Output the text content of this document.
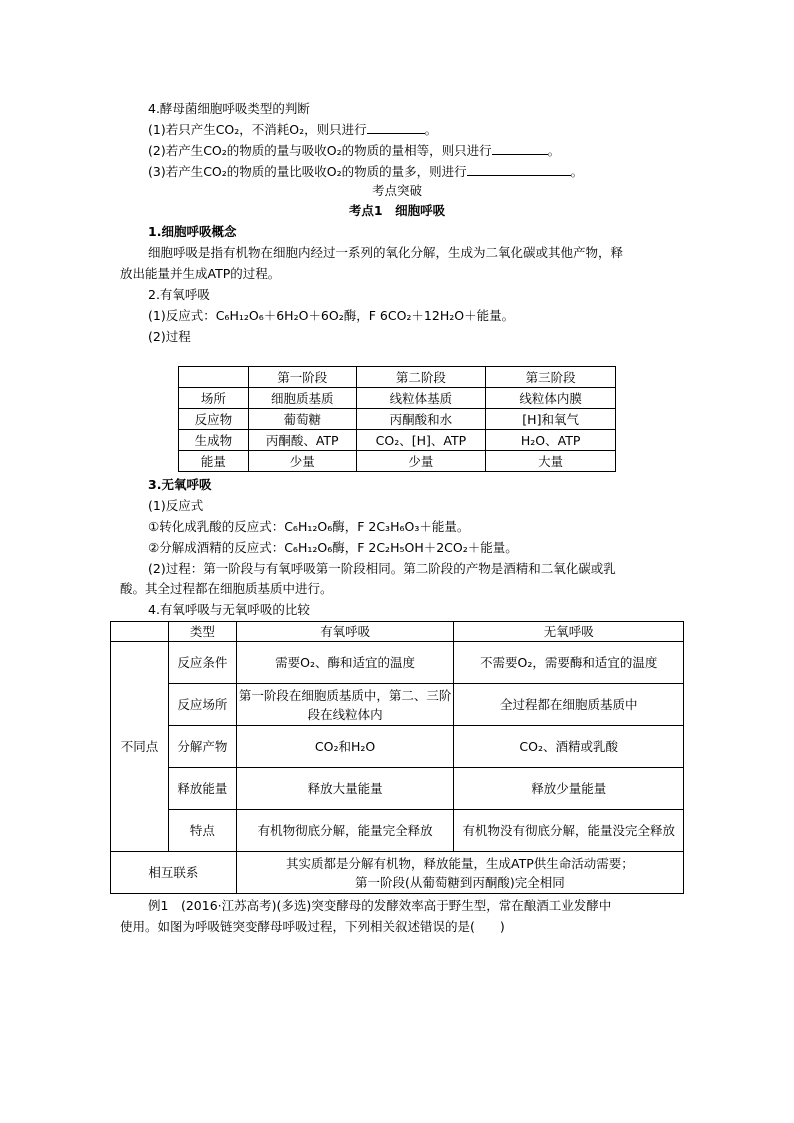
4.酵母菌细胞呼吸类型的判断
(1)若只产生CO₂，不消耗O₂，则只进行	。
(2)若产生CO₂的物质的量与吸收O₂的物质的量相等，则只进行	。
(3)若产生CO₂的物质的量比吸收O₂的物质的量多，则进行	。
考点突破
考点1　细胞呼吸
1.细胞呼吸概念
细胞呼吸是指有机物在细胞内经过一系列的氧化分解，生成为二氧化碳或其他产物，释
放出能量并生成ATP的过程。
2.有氧呼吸
(1)反应式：C₆H₁₂O₆＋6H₂O＋6O₂酶，F 6CO₂＋12H₂O＋能量。
(2)过程
	第一阶段	第二阶段	第三阶段
场所	细胞质基质	线粒体基质	线粒体内膜
反应物	葡萄糖	丙酮酸和水	[H]和氧气
生成物	丙酮酸、ATP	CO₂、[H]、ATP	H₂O、ATP
能量	少量	少量	大量
3.无氧呼吸
(1)反应式
①转化成乳酸的反应式：C₆H₁₂O₆酶，F 2C₃H₆O₃＋能量。
②分解成酒精的反应式：C₆H₁₂O₆酶，F 2C₂H₅OH＋2CO₂＋能量。
(2)过程：第一阶段与有氧呼吸第一阶段相同。第二阶段的产物是酒精和二氧化碳或乳
酸。其全过程都在细胞质基质中进行。
4.有氧呼吸与无氧呼吸的比较
	类型	有氧呼吸	无氧呼吸
不同点	反应条件	需要O₂、酶和适宜的温度	不需要O₂，需要酶和适宜的温度
	反应场所	第一阶段在细胞质基质中，第二、三阶段在线粒体内	全过程都在细胞质基质中
	分解产物	CO₂和H₂O	CO₂、酒精或乳酸
	释放能量	释放大量能量	释放少量能量
	特点	有机物彻底分解，能量完全释放	有机物没有彻底分解，能量没完全释放
相互联系		其实质都是分解有机物，释放能量，生成ATP供生命活动需要；
第一阶段(从葡萄糖到丙酮酸)完全相同	
例1　(2016·江苏高考)(多选)突变酵母的发酵效率高于野生型，常在酿酒工业发酵中
使用。如图为呼吸链突变酵母呼吸过程，下列相关叙述错误的是(　　)
